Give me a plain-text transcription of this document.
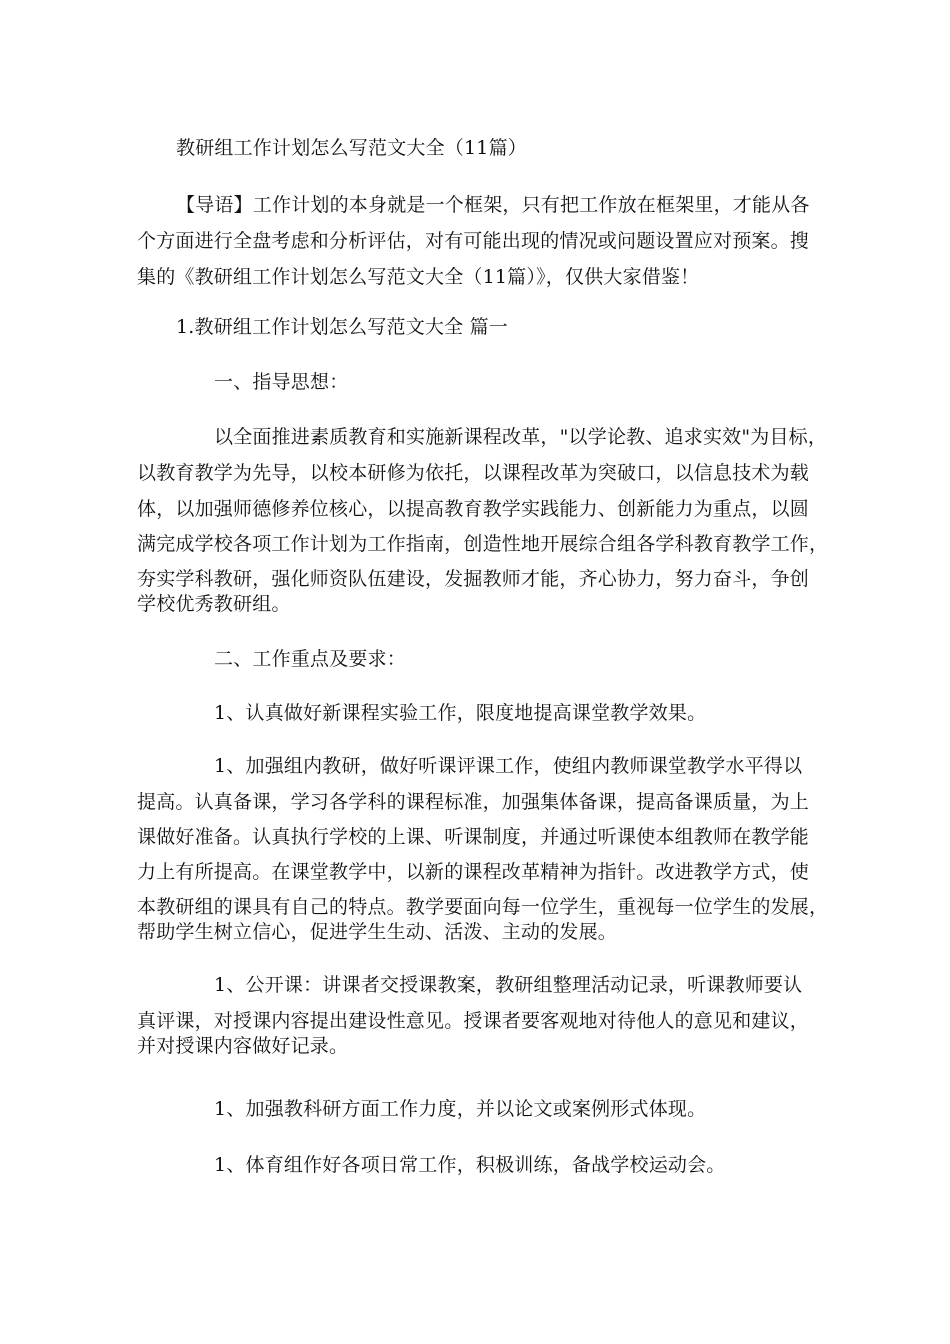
教研组工作计划怎么写范文大全（11篇）
【导语】工作计划的本身就是一个框架，只有把工作放在框架里，才能从各
个方面进行全盘考虑和分析评估，对有可能出现的情况或问题设置应对预案。搜
集的《教研组工作计划怎么写范文大全（11篇）》，仅供大家借鉴！
1.教研组工作计划怎么写范文大全 篇一
一、指导思想：
以全面推进素质教育和实施新课程改革，"以学论教、追求实效"为目标，
以教育教学为先导，以校本研修为依托，以课程改革为突破口，以信息技术为载
体，以加强师德修养位核心，以提高教育教学实践能力、创新能力为重点，以圆
满完成学校各项工作计划为工作指南，创造性地开展综合组各学科教育教学工作，
夯实学科教研，强化师资队伍建设，发掘教师才能，齐心协力，努力奋斗，争创
学校优秀教研组。
二、工作重点及要求：
1、认真做好新课程实验工作，限度地提高课堂教学效果。
1、加强组内教研，做好听课评课工作，使组内教师课堂教学水平得以
提高。认真备课，学习各学科的课程标准，加强集体备课，提高备课质量，为上
课做好准备。认真执行学校的上课、听课制度，并通过听课使本组教师在教学能
力上有所提高。在课堂教学中，以新的课程改革精神为指针。改进教学方式，使
本教研组的课具有自己的特点。教学要面向每一位学生，重视每一位学生的发展，
帮助学生树立信心，促进学生生动、活泼、主动的发展。
1、公开课：讲课者交授课教案，教研组整理活动记录，听课教师要认
真评课，对授课内容提出建设性意见。授课者要客观地对待他人的意见和建议，
并对授课内容做好记录。
1、加强教科研方面工作力度，并以论文或案例形式体现。
1、体育组作好各项日常工作，积极训练，备战学校运动会。
